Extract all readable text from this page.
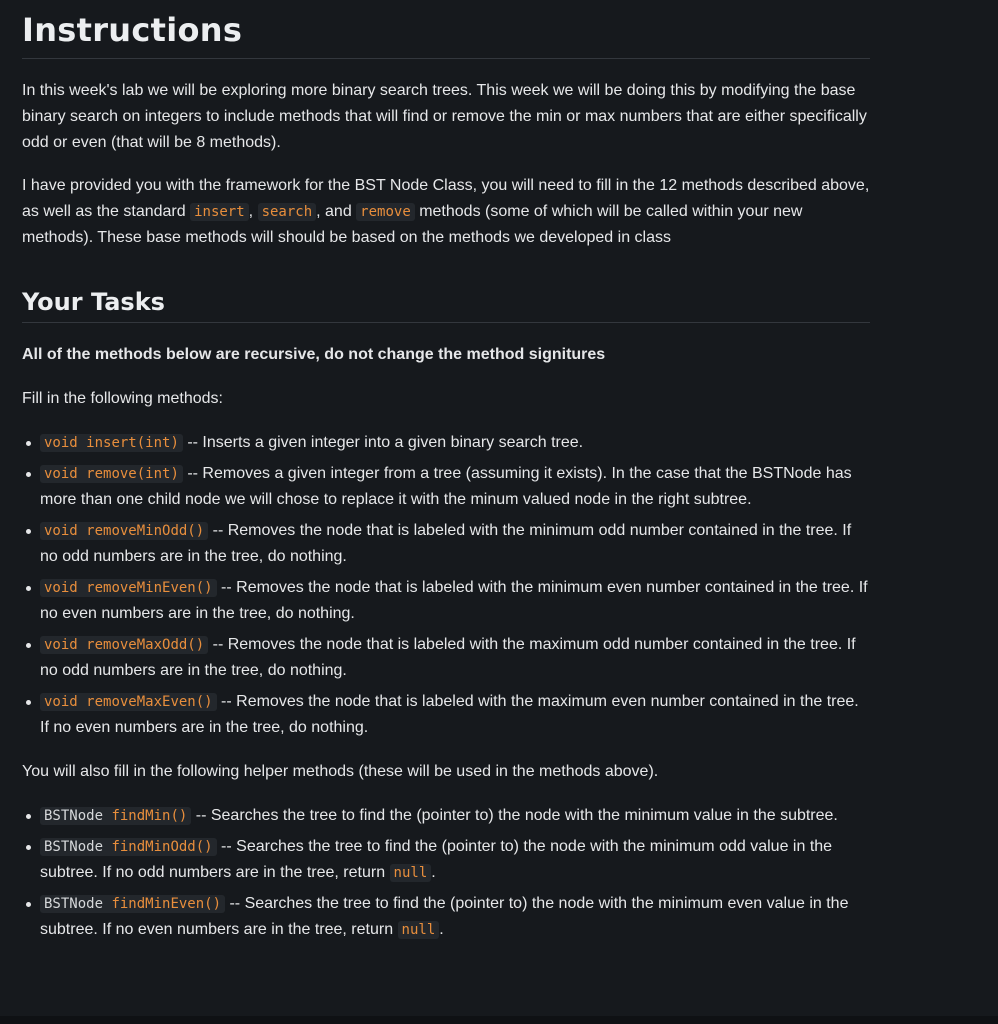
Instructions

In this week's lab we will be exploring more binary search trees. This week we will be doing this by modifying the base binary search on integers to include methods that will find or remove the min or max numbers that are either specifically odd or even (that will be 8 methods).

I have provided you with the framework for the BST Node Class, you will need to fill in the 12 methods described above, as well as the standard insert , search , and remove methods (some of which will be called within your new methods). These base methods will should be based on the methods we developed in class

Your Tasks

All of the methods below are recursive, do not change the method signitures

Fill in the following methods:

void insert(int) -- Inserts a given integer into a given binary search tree.
void remove(int) -- Removes a given integer from a tree (assuming it exists). In the case that the BSTNode has more than one child node we will chose to replace it with the minum valued node in the right subtree.
void removeMinOdd() -- Removes the node that is labeled with the minimum odd number contained in the tree. If no odd numbers are in the tree, do nothing.
void removeMinEven() -- Removes the node that is labeled with the minimum even number contained in the tree. If no even numbers are in the tree, do nothing.
void removeMaxOdd() -- Removes the node that is labeled with the maximum odd number contained in the tree. If no odd numbers are in the tree, do nothing.
void removeMaxEven() -- Removes the node that is labeled with the maximum even number contained in the tree. If no even numbers are in the tree, do nothing.

You will also fill in the following helper methods (these will be used in the methods above).

BSTNode findMin() -- Searches the tree to find the (pointer to) the node with the minimum value in the subtree.
BSTNode findMinOdd() -- Searches the tree to find the (pointer to) the node with the minimum odd value in the subtree. If no odd numbers are in the tree, return null .
BSTNode findMinEven() -- Searches the tree to find the (pointer to) the node with the minimum even value in the subtree. If no even numbers are in the tree, return null .
